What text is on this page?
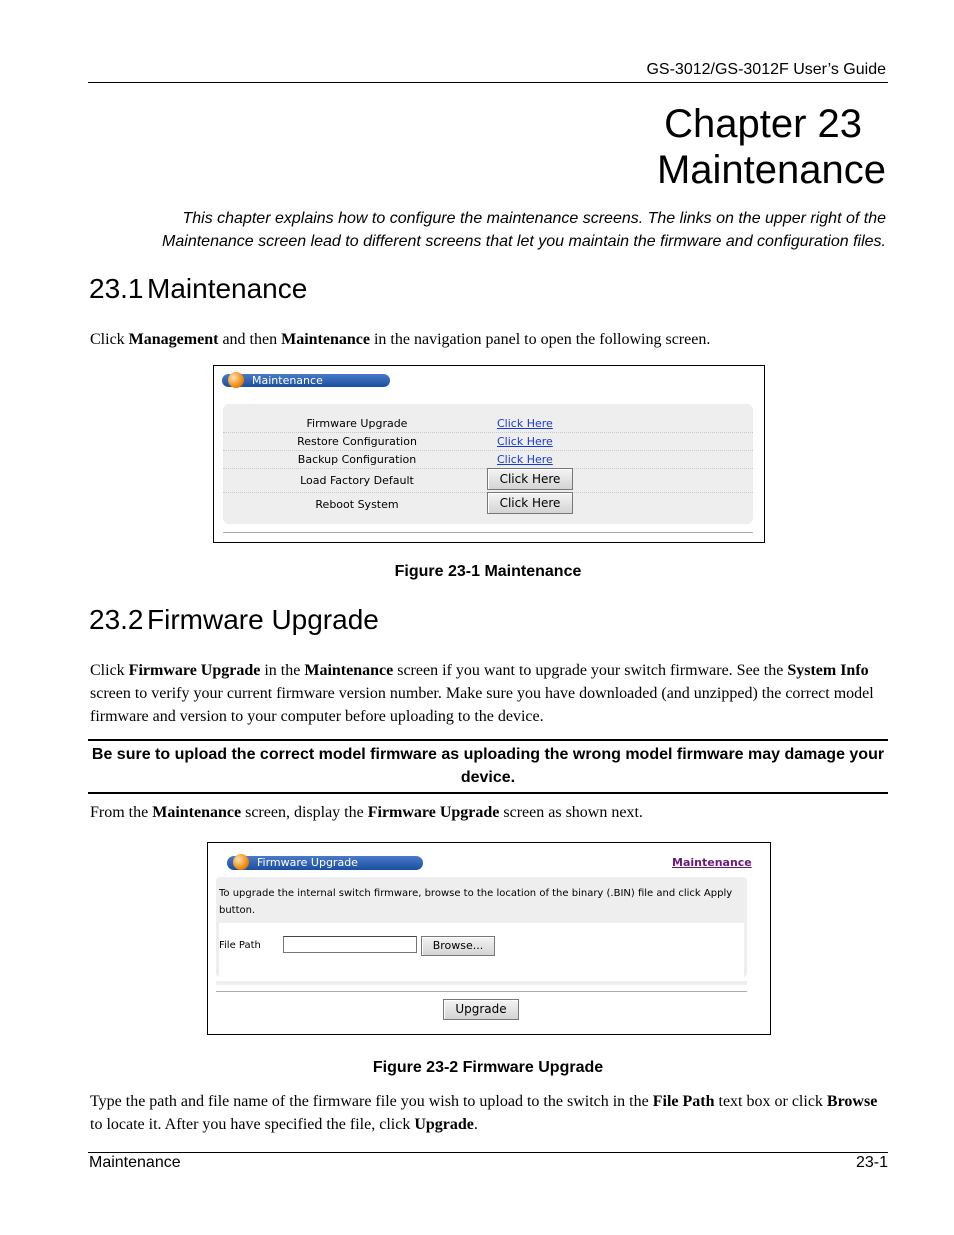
GS-3012/GS-3012F User’s Guide
Chapter 23
Maintenance
This chapter explains how to configure the maintenance screens. The links on the upper right of the Maintenance screen lead to different screens that let you maintain the firmware and configuration files.
23.1 Maintenance

Click Management and then Maintenance in the navigation panel to open the following screen.

Maintenance
Firmware Upgrade	Click Here
Restore Configuration	Click Here
Backup Configuration	Click Here
Load Factory Default	Click Here
Reboot System	Click Here
Figure 23-1 Maintenance
23.2 Firmware Upgrade

Click Firmware Upgrade in the Maintenance screen if you want to upgrade your switch firmware. See the System Info screen to verify your current firmware version number. Make sure you have downloaded (and unzipped) the correct model firmware and version to your computer before uploading to the device.

Be sure to upload the correct model firmware as uploading the wrong model firmware may damage your device.

From the Maintenance screen, display the Firmware Upgrade screen as shown next.

Firmware Upgrade	Maintenance
To upgrade the internal switch firmware, browse to the location of the binary (.BIN) file and click Apply button.
File Path	Browse...
Upgrade
Figure 23-2 Firmware Upgrade

Type the path and file name of the firmware file you wish to upload to the switch in the File Path text box or click Browse to locate it. After you have specified the file, click Upgrade.

Maintenance	23-1
